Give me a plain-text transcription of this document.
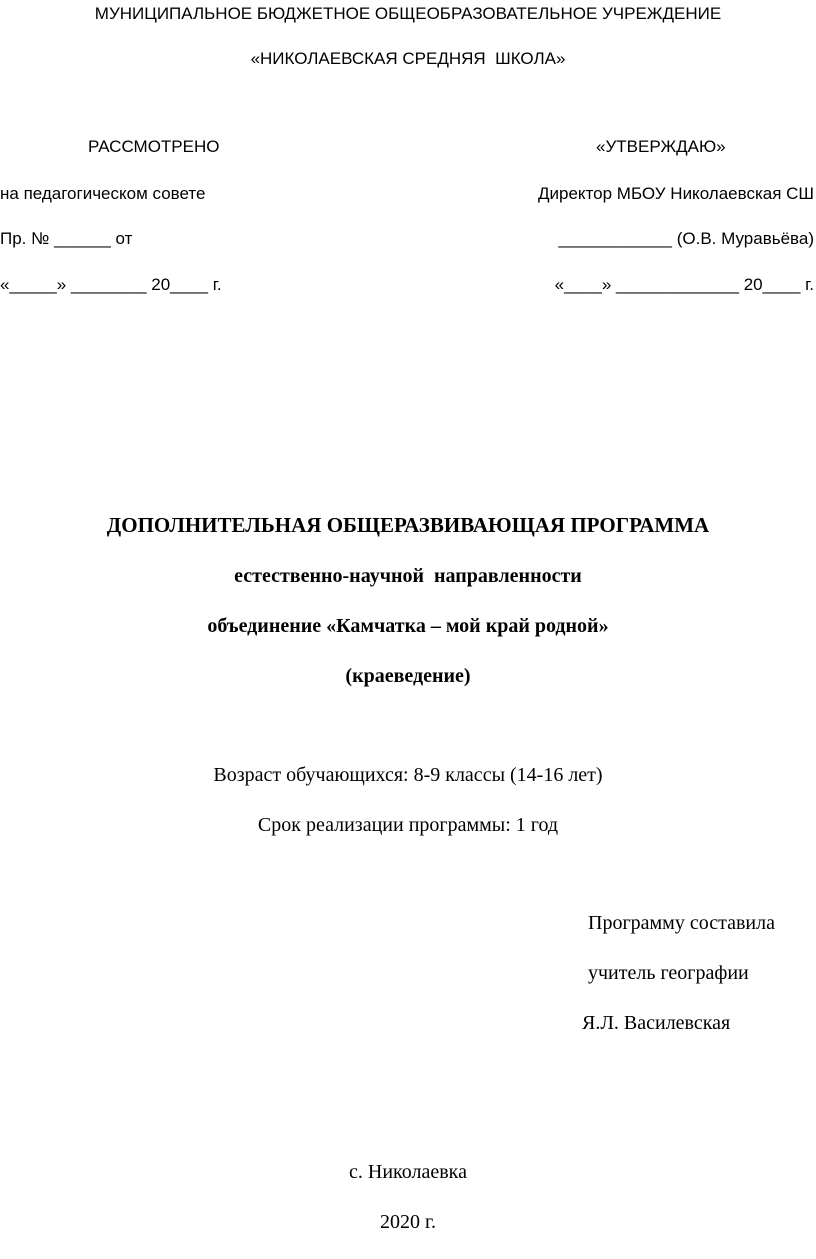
МУНИЦИПАЛЬНОЕ БЮДЖЕТНОЕ ОБЩЕОБРАЗОВАТЕЛЬНОЕ УЧРЕЖДЕНИЕ
«НИКОЛАЕВСКАЯ СРЕДНЯЯ  ШКОЛА»
РАССМОТРЕНО
на педагогическом совете
Пр. № ______ от
«_____» ________ 20____ г.
«УТВЕРЖДАЮ»
Директор МБОУ Николаевская СШ
____________ (О.В. Муравьёва)
«____» _____________ 20____ г.
ДОПОЛНИТЕЛЬНАЯ ОБЩЕРАЗВИВАЮЩАЯ ПРОГРАММА
естественно-научной  направленности
объединение «Камчатка – мой край родной»
(краеведение)
Возраст обучающихся: 8-9 классы (14-16 лет)
Срок реализации программы: 1 год
Программу составила
учитель географии
Я.Л. Василевская
с. Николаевка
2020 г.
